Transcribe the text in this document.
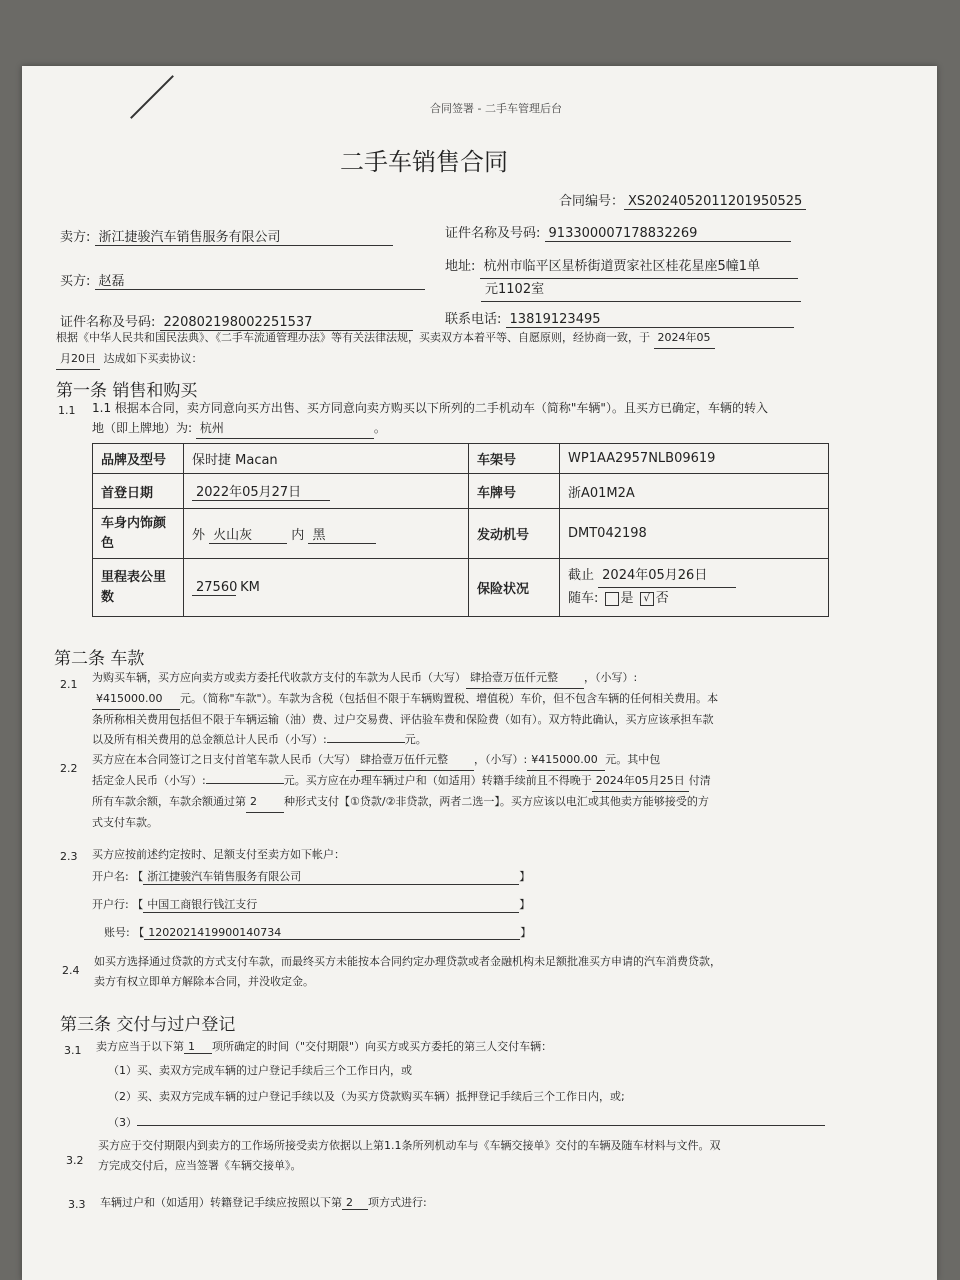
合同签署 - 二手车管理后台
二手车销售合同
合同编号： XS2024052011201950525
卖方: 浙江捷骏汽车销售服务有限公司	证件名称及号码: 913300007178832269
买方: 赵磊
地址: 杭州市临平区星桥街道贾家社区桂花星座5幢1单
元1102室
证件名称及号码: 220802198002251537	联系电话: 13819123495
根据《中华人民共和国民法典》、《二手车流通管理办法》等有关法律法规，买卖双方本着平等、自愿原则，经协商一致，于 2024年05
月20日 达成如下买卖协议：
第一条 销售和购买
1.1 1.1 根据本合同，卖方同意向买方出售、买方同意向卖方购买以下所列的二手机动车（简称"车辆"）。且买方已确定，车辆的转入
地（即上牌地）为: 杭州	。
品牌及型号	保时捷 Macan	车架号	WP1AA2957NLB09619
首登日期	2022年05月27日	车牌号	浙A01M2A
车身内饰颜色	外 火山灰 内 黑	发动机号	DMT042198
里程表公里数	27560 KM	保险状况	截止 2024年05月26日
随车: 是 √ 否
第二条 车款
2.1
为购买车辆，买方应向卖方或卖方委托代收款方支付的车款为人民币（大写） 肆拾壹万伍仟元整 ，（小写）:
¥415000.00 元。（简称"车款"）。车款为含税（包括但不限于车辆购置税、增值税）车价，但不包含车辆的任何相关费用。本
条所称相关费用包括但不限于车辆运输（油）费、过户交易费、评估验车费和保险费（如有）。双方特此确认，买方应该承担车款
以及所有相关费用的总金额总计人民币（小写）:	元。
2.2
买方应在本合同签订之日支付首笔车款人民币（大写） 肆拾壹万伍仟元整 ，（小写）: ¥415000.00 元。其中包
括定金人民币（小写）:	元。买方应在办理车辆过户和（如适用）转籍手续前且不得晚于 2024年05月25日 付清
所有车款余额，车款余额通过第 2 种形式支付【①贷款/②非贷款，两者二选一】。买方应该以电汇或其他卖方能够接受的方
式支付车款。
2.3 买方应按前述约定按时、足额支付至卖方如下帐户：
开户名: 【 浙江捷骏汽车销售服务有限公司	】
开户行: 【 中国工商银行钱江支行	】
账号: 【 1202021419900140734	】
2.4
如买方选择通过贷款的方式支付车款，而最终买方未能按本合同约定办理贷款或者金融机构未足额批准买方申请的汽车消费贷款，
卖方有权立即单方解除本合同，并没收定金。
第三条 交付与过户登记
3.1 卖方应当于以下第 1 项所确定的时间（"交付期限"）向买方或买方委托的第三人交付车辆：
（1）买、卖双方完成车辆的过户登记手续后三个工作日内，或
（2）买、卖双方完成车辆的过户登记手续以及（为买方贷款购买车辆）抵押登记手续后三个工作日内，或;
（3）
3.2
买方应于交付期限内到卖方的工作场所接受卖方依据以上第1.1条所列机动车与《车辆交接单》交付的车辆及随车材料与文件。双
方完成交付后，应当签署《车辆交接单》。
3.3 车辆过户和（如适用）转籍登记手续应按照以下第 2 项方式进行:
